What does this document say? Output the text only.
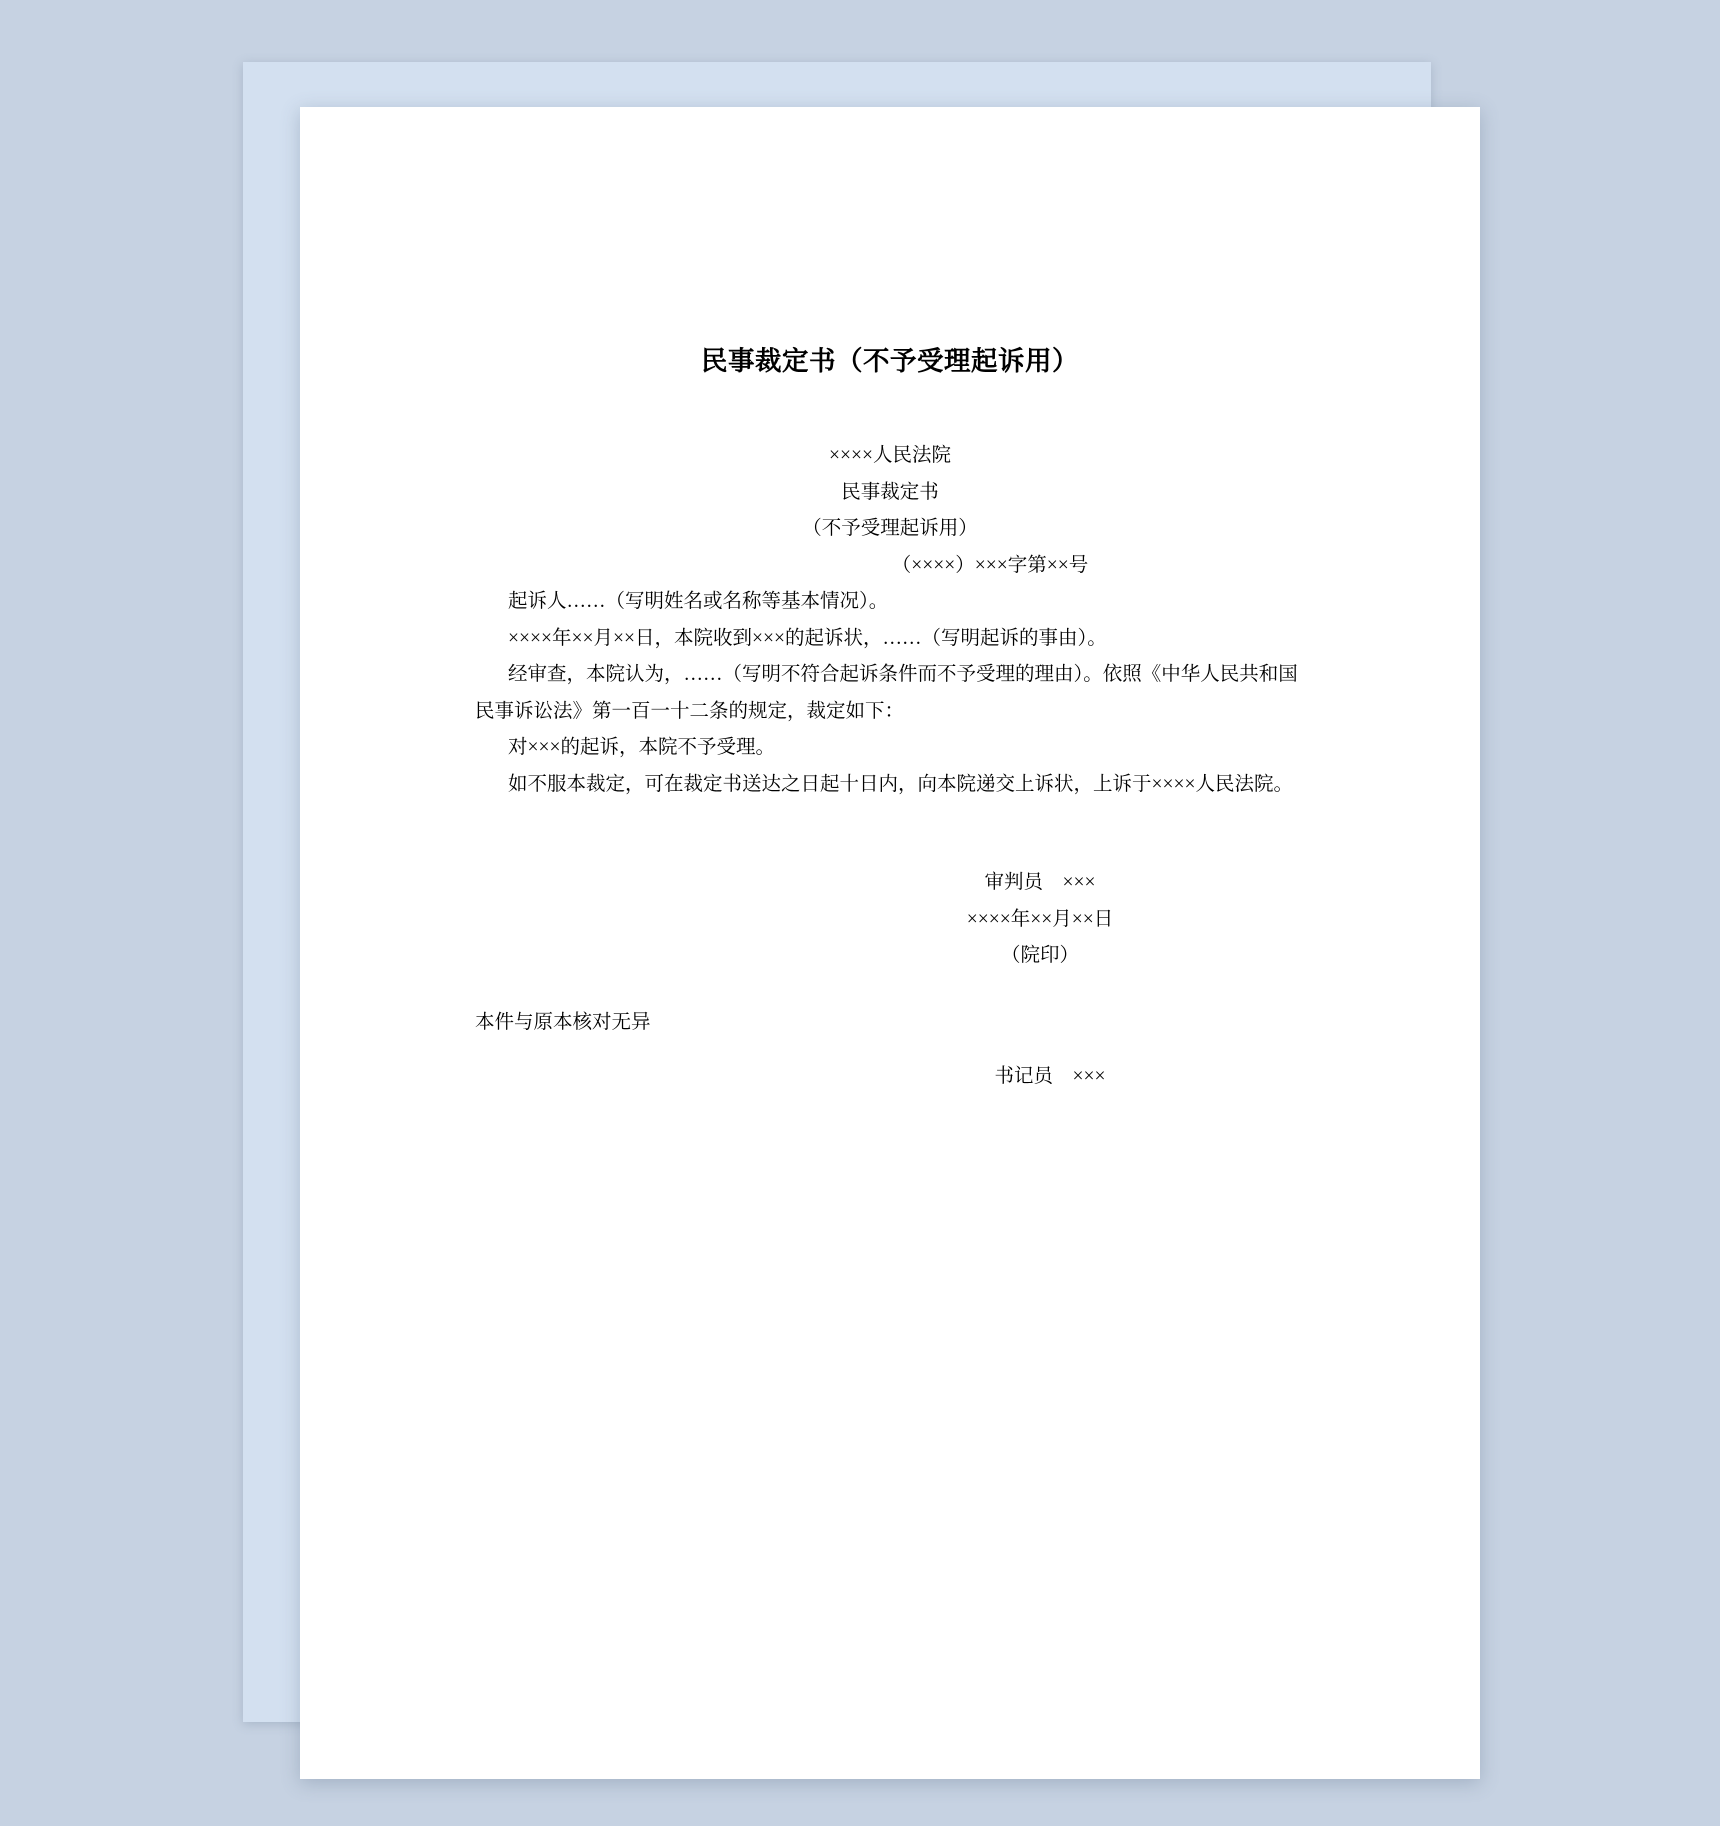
民事裁定书（不予受理起诉用）
××××人民法院
民事裁定书
（不予受理起诉用）
（××××）×××字第××号
起诉人……（写明姓名或名称等基本情况）。
××××年××月××日，本院收到×××的起诉状，……（写明起诉的事由）。
经审查，本院认为，……（写明不符合起诉条件而不予受理的理由）。依照《中华人民共和国民事诉讼法》第一百一十二条的规定，裁定如下：
对×××的起诉，本院不予受理。
如不服本裁定，可在裁定书送达之日起十日内，向本院递交上诉状，上诉于××××人民法院。
审判员　×××
××××年××月××日
（院印）
本件与原本核对无异
书记员　×××
